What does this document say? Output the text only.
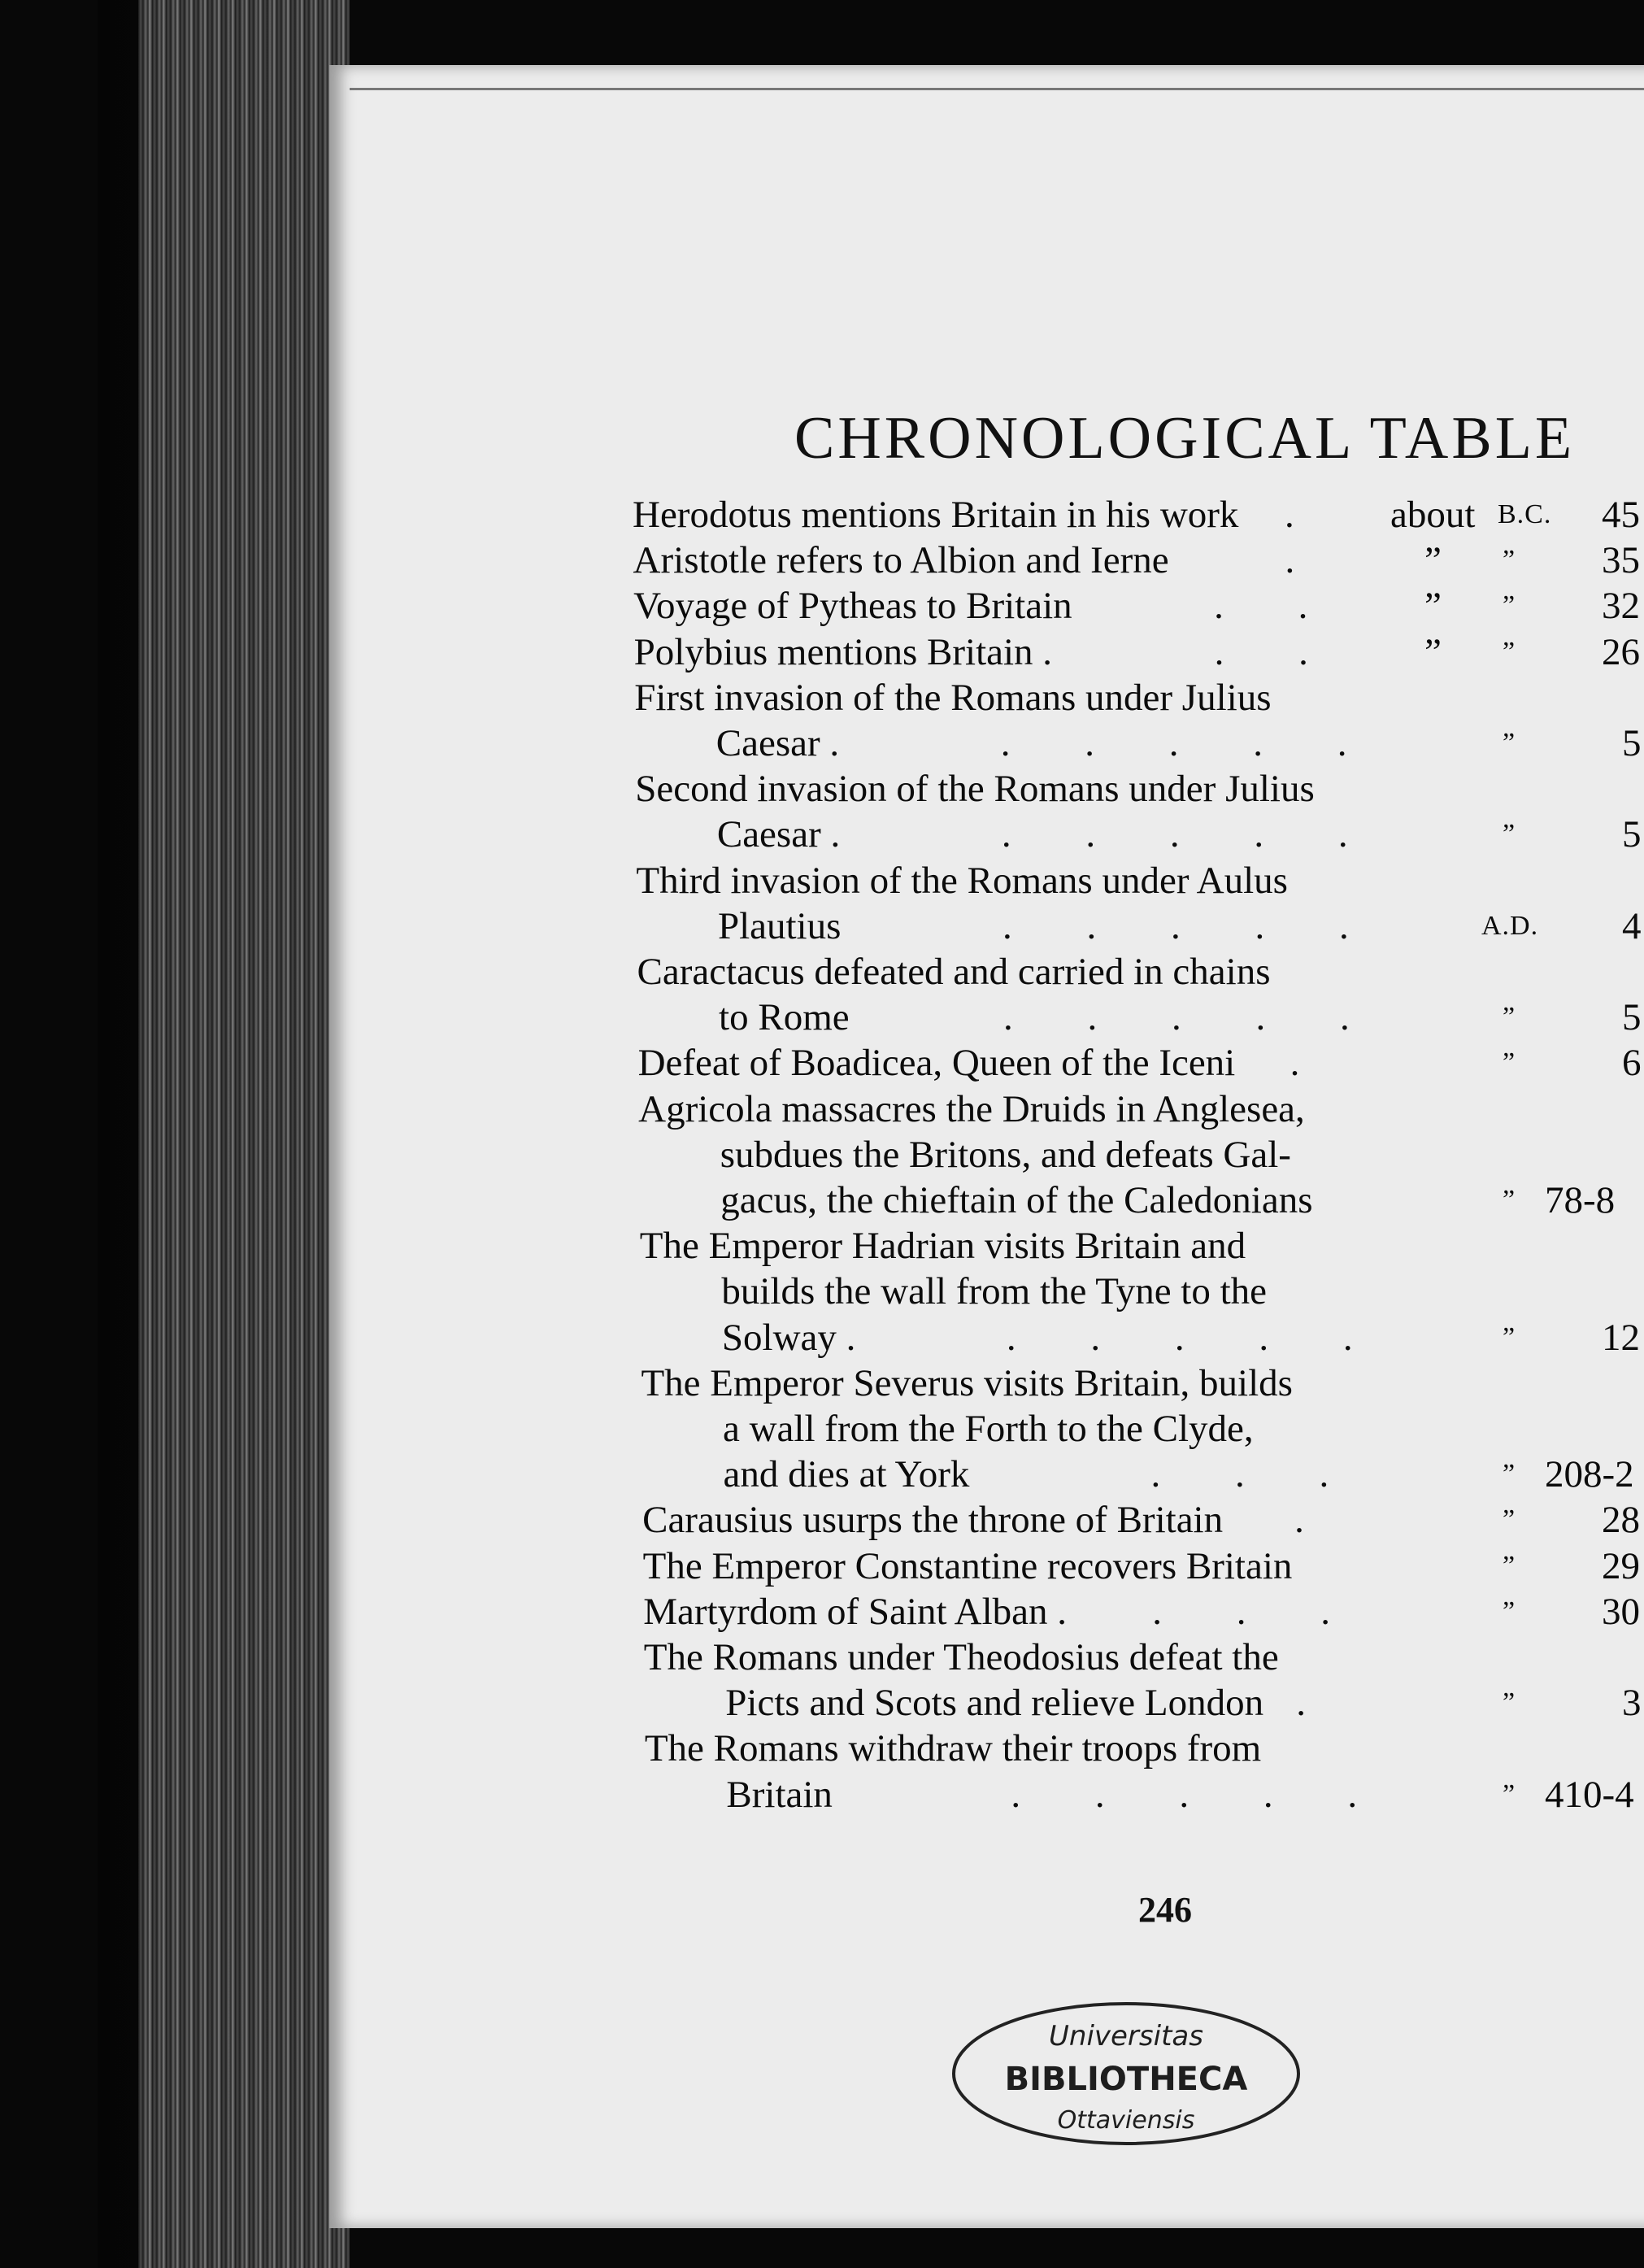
CHRONOLOGICAL TABLE
Herodotus mentions Britain in his work . about B.C. 45
Aristotle refers to Albion and Ierne	.	” ” 35
Voyage of Pytheas to Britain	. . ” ” 32
Polybius mentions Britain .	. . ” ” 26
First invasion of the Romans under Julius
Caesar .	. . . . .	”	5
Second invasion of the Romans under Julius
Caesar .	. . . . .	”	5
Third invasion of the Romans under Aulus
Plautius	. . . . .	A.D. 4
Caractacus defeated and carried in chains
to Rome	. . . . .	”	5
Defeat of Boadicea, Queen of the Iceni .	”	6
Agricola massacres the Druids in Anglesea,
subdues the Britons, and defeats Gal-
gacus, the chieftain of the Caledonians	” 78-8
The Emperor Hadrian visits Britain and
builds the wall from the Tyne to the
Solway .	. . . . .	” 12
The Emperor Severus visits Britain, builds
a wall from the Forth to the Clyde,
and dies at York	. . .	” 208-2
Carausius usurps the throne of Britain .	” 28
The Emperor Constantine recovers Britain	” 29
Martyrdom of Saint Alban . . . .	” 30
The Romans under Theodosius defeat the
Picts and Scots and relieve London .	”	3
The Romans withdraw their troops from
Britain	. . . . .	” 410-4
246
Universitas
BIBLIOTHECA
Ottaviensis
